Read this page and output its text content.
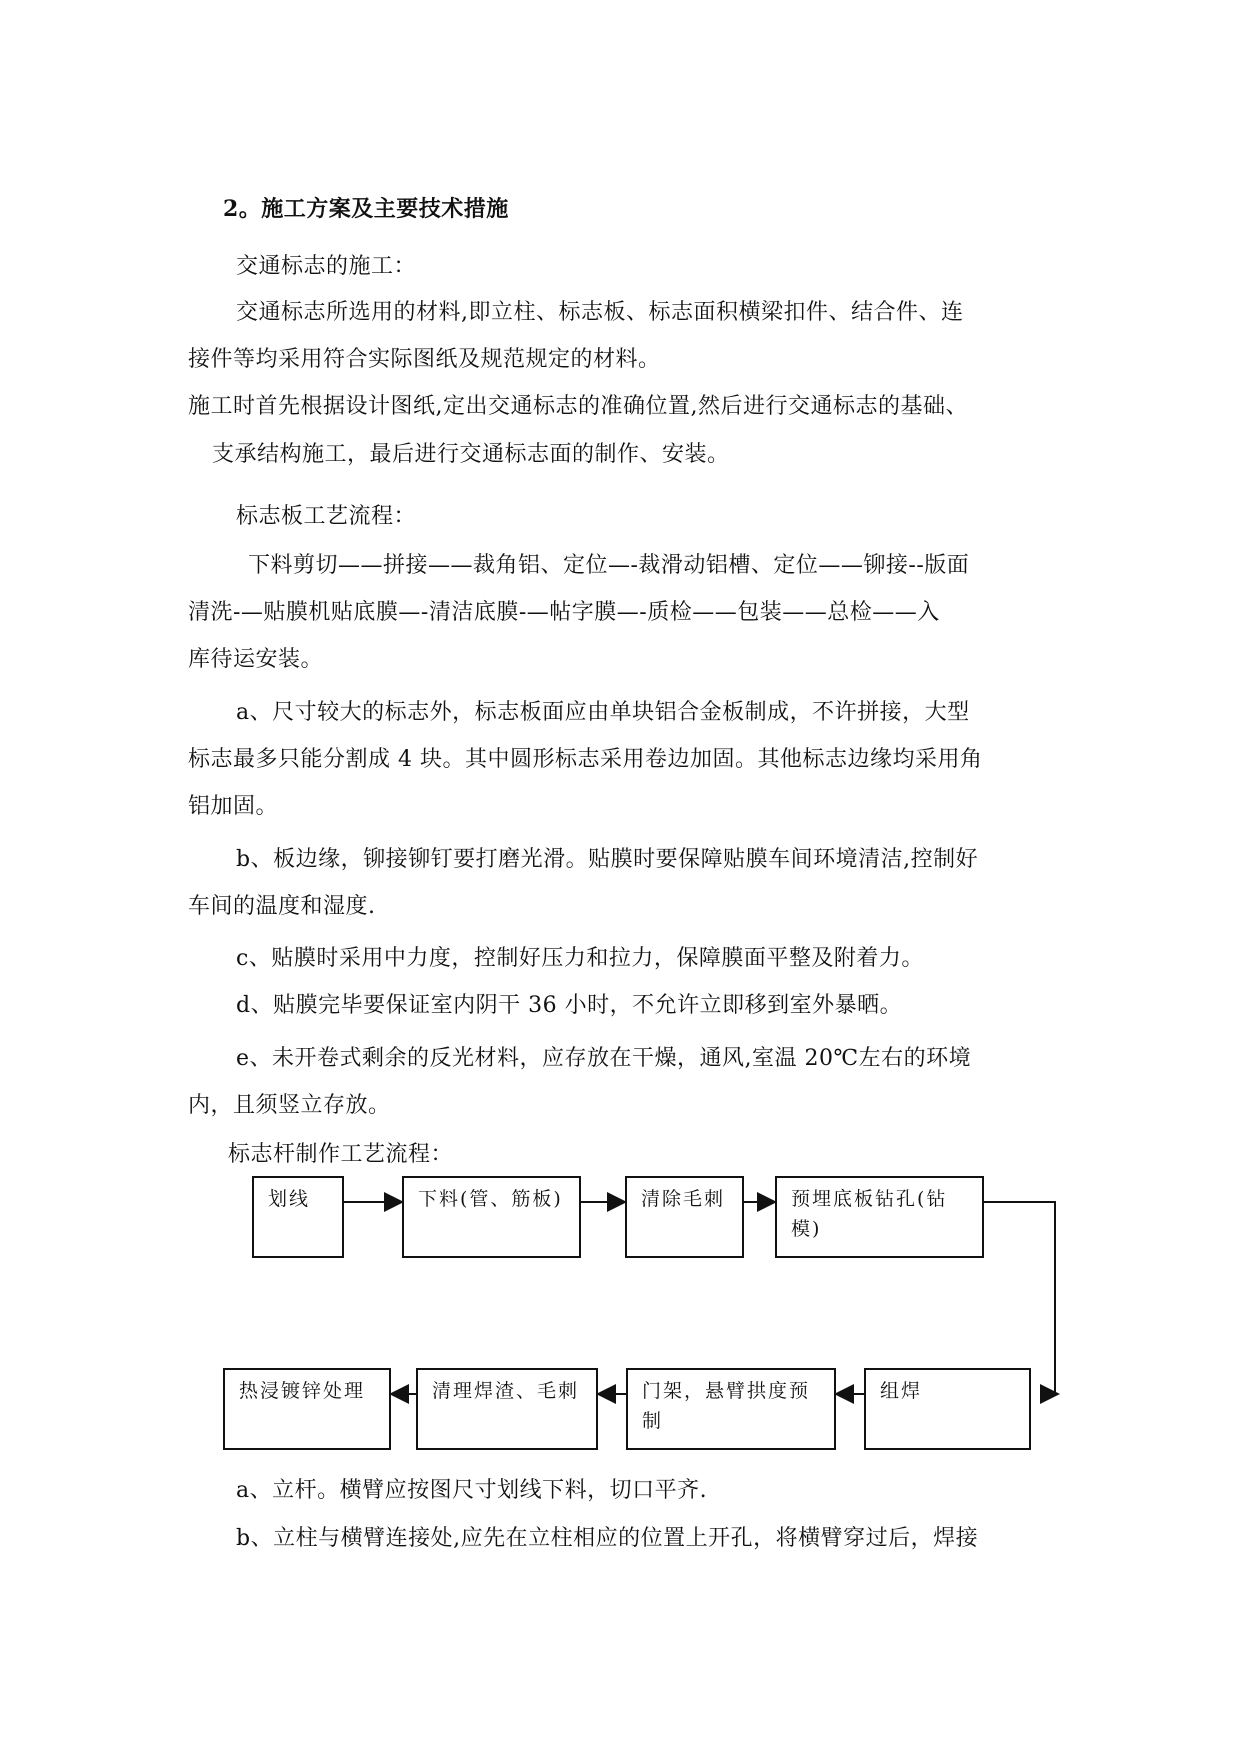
2。施工方案及主要技术措施
交通标志的施工：
交通标志所选用的材料,即立柱、标志板、标志面积横梁扣件、结合件、连
接件等均采用符合实际图纸及规范规定的材料。
施工时首先根据设计图纸,定出交通标志的准确位置,然后进行交通标志的基础、
支承结构施工，最后进行交通标志面的制作、安装。
标志板工艺流程：
下料剪切——拼接——裁角铝、定位—-裁滑动铝槽、定位——铆接--版面
清洗-—贴膜机贴底膜—-清洁底膜-—帖字膜—-质检——包装——总检——入
库待运安装。
a、尺寸较大的标志外，标志板面应由单块铝合金板制成，不许拼接，大型
标志最多只能分割成 4 块。其中圆形标志采用卷边加固。其他标志边缘均采用角
铝加固。
b、板边缘，铆接铆钉要打磨光滑。贴膜时要保障贴膜车间环境清洁,控制好
车间的温度和湿度.
c、贴膜时采用中力度，控制好压力和拉力，保障膜面平整及附着力。
d、贴膜完毕要保证室内阴干 36 小时，不允许立即移到室外暴晒。
e、未开卷式剩余的反光材料，应存放在干燥，通风,室温 20℃左右的环境
内，且须竖立存放。
标志杆制作工艺流程：
划线	下料(管、筋板)	清除毛刺	预埋底板钻孔(钻模)
组焊
门架，悬臂拱度预制
清理焊渣、毛刺
热浸镀锌处理
a、立杆。横臂应按图尺寸划线下料，切口平齐.
b、立柱与横臂连接处,应先在立柱相应的位置上开孔，将横臂穿过后，焊接
